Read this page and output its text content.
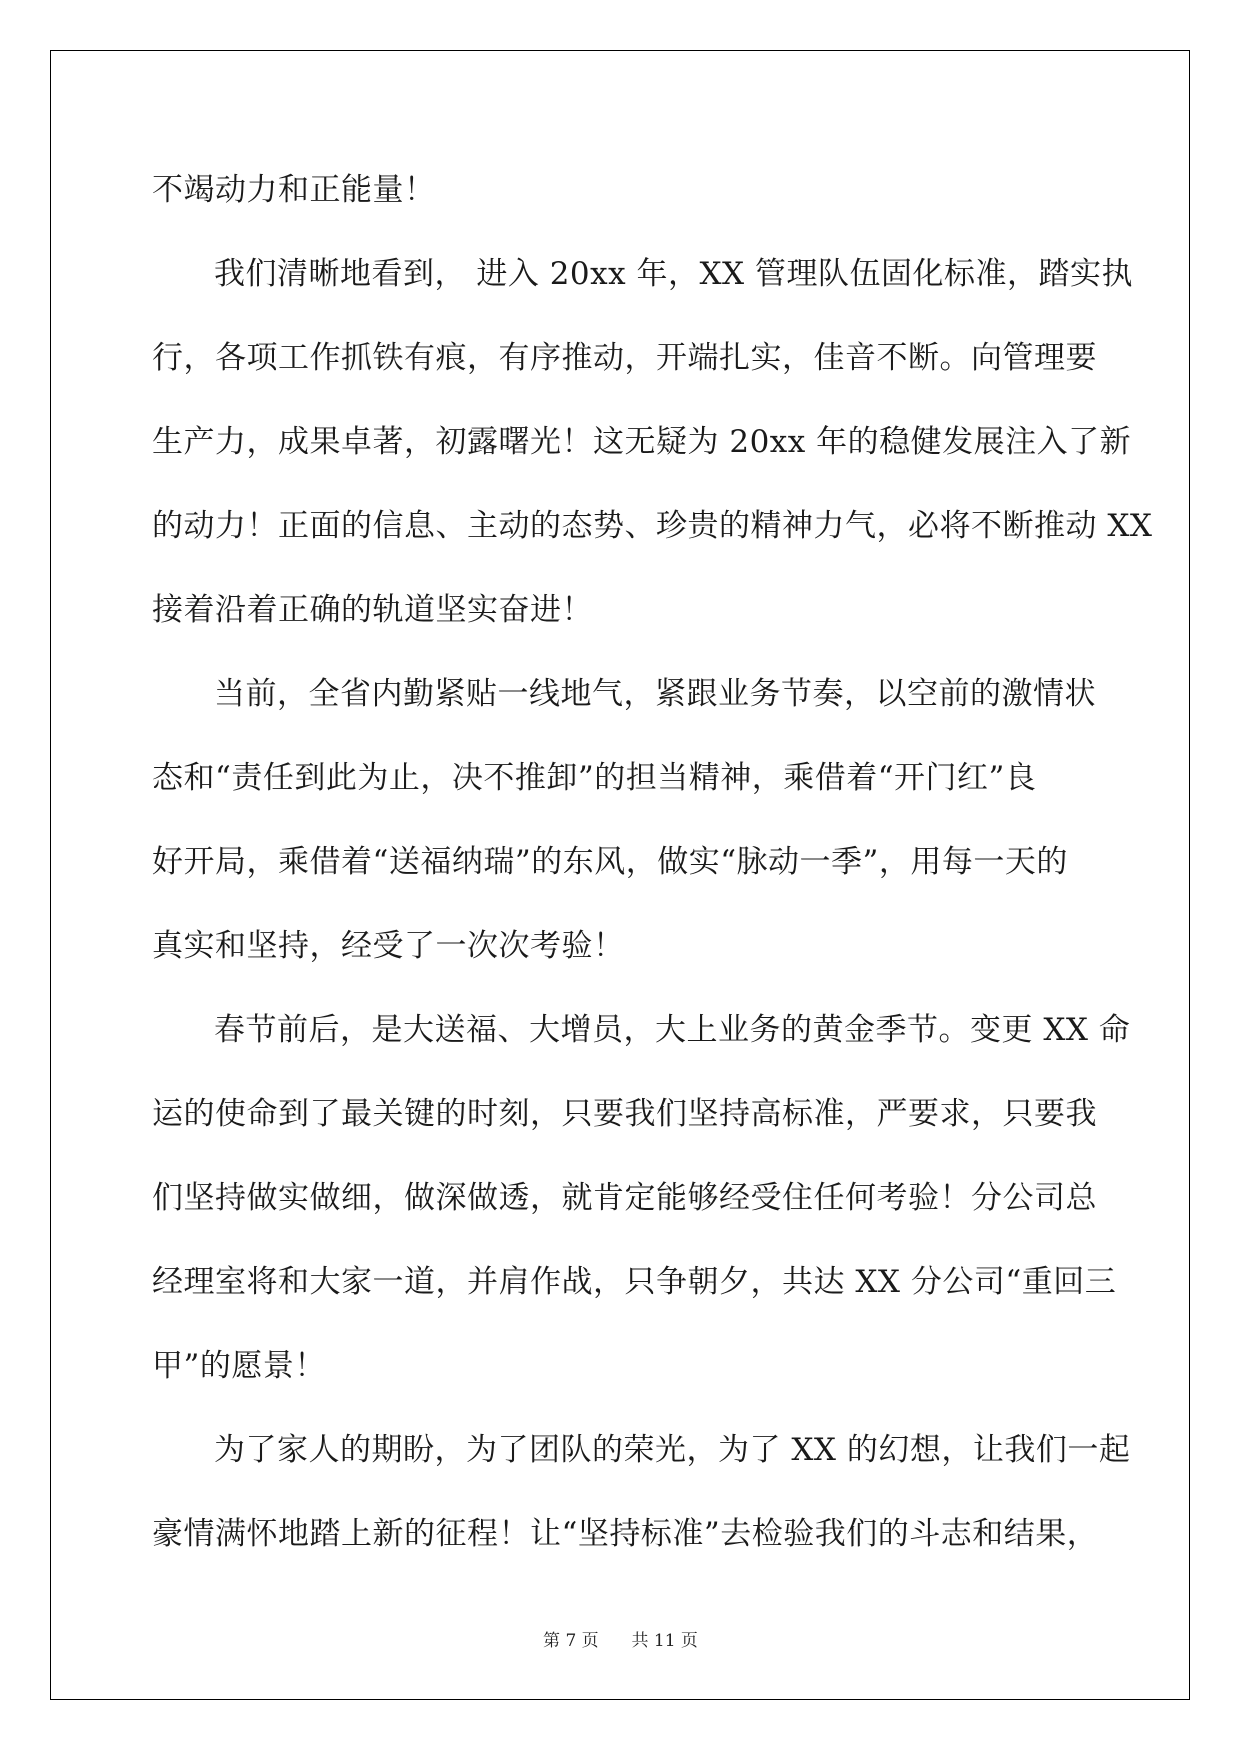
不竭动力和正能量！
我们清晰地看到， 进入 20xx 年，XX 管理队伍固化标准，踏实执
行，各项工作抓铁有痕，有序推动，开端扎实，佳音不断。向管理要
生产力，成果卓著，初露曙光！这无疑为 20xx 年的稳健发展注入了新
的动力！正面的信息、主动的态势、珍贵的精神力气，必将不断推动 XX
接着沿着正确的轨道坚实奋进！
当前，全省内勤紧贴一线地气，紧跟业务节奏，以空前的激情状
态和“责任到此为止，决不推卸”的担当精神，乘借着“开门红”良
好开局，乘借着“送福纳瑞”的东风，做实“脉动一季”，用每一天的
真实和坚持，经受了一次次考验！
春节前后，是大送福、大增员，大上业务的黄金季节。变更 XX 命
运的使命到了最关键的时刻，只要我们坚持高标准，严要求，只要我
们坚持做实做细，做深做透，就肯定能够经受住任何考验！分公司总
经理室将和大家一道，并肩作战，只争朝夕，共达 XX 分公司“重回三
甲”的愿景！
为了家人的期盼，为了团队的荣光，为了 XX 的幻想，让我们一起
豪情满怀地踏上新的征程！让“坚持标准”去检验我们的斗志和结果，
第 7 页 共 11 页
